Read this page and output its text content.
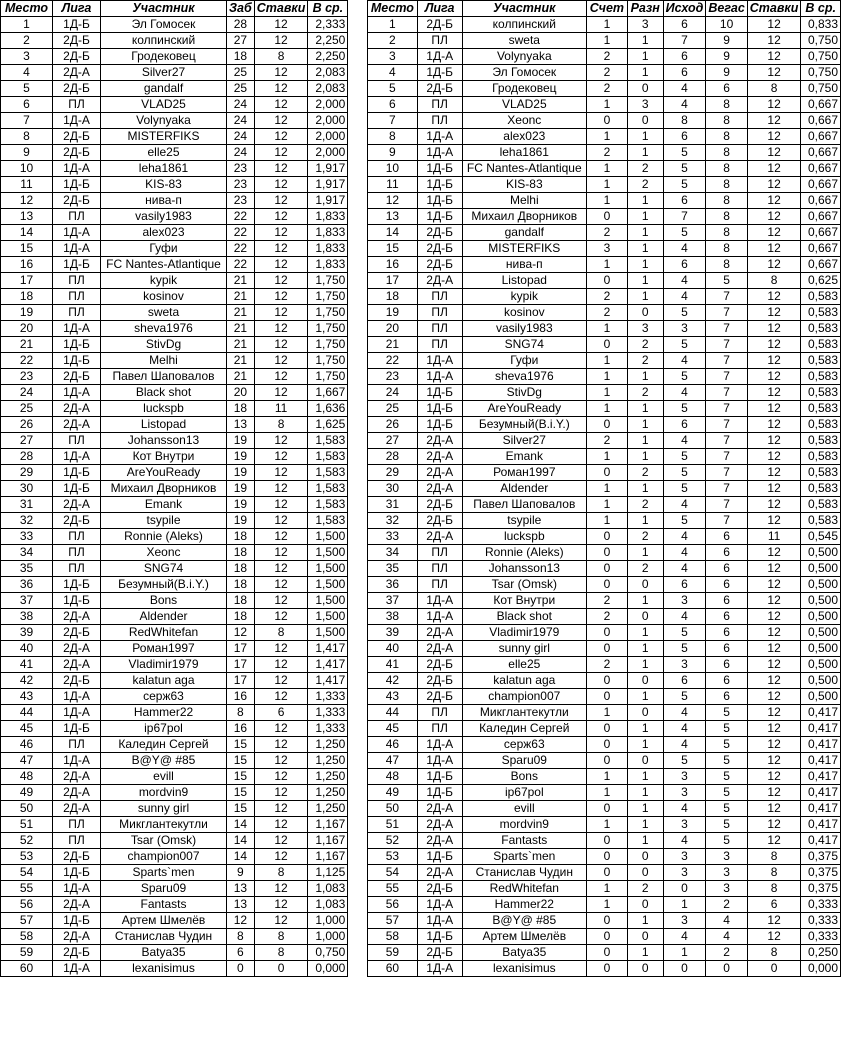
Место	Лига	Участник	Заб	Ставки	В ср.
1	1Д-Б	Эл Гомосек	28	12	2,333
2	2Д-Б	колпинский	27	12	2,250
3	2Д-Б	Гродековец	18	8	2,250
4	2Д-А	Silver27	25	12	2,083
5	2Д-Б	gandalf	25	12	2,083
6	ПЛ	VLAD25	24	12	2,000
7	1Д-А	Volynyaka	24	12	2,000
8	2Д-Б	MISTERFIKS	24	12	2,000
9	2Д-Б	elle25	24	12	2,000
10	1Д-А	leha1861	23	12	1,917
11	1Д-Б	KIS-83	23	12	1,917
12	2Д-Б	нива-п	23	12	1,917
13	ПЛ	vasily1983	22	12	1,833
14	1Д-А	alex023	22	12	1,833
15	1Д-А	Гуфи	22	12	1,833
16	1Д-Б	FC Nantes-Atlantique	22	12	1,833
17	ПЛ	kypik	21	12	1,750
18	ПЛ	kosinov	21	12	1,750
19	ПЛ	sweta	21	12	1,750
20	1Д-А	sheva1976	21	12	1,750
21	1Д-Б	StivDg	21	12	1,750
22	1Д-Б	Melhi	21	12	1,750
23	2Д-Б	Павел Шаповалов	21	12	1,750
24	1Д-А	Black shot	20	12	1,667
25	2Д-А	luckspb	18	11	1,636
26	2Д-А	Listopad	13	8	1,625
27	ПЛ	Johansson13	19	12	1,583
28	1Д-А	Кот Внутри	19	12	1,583
29	1Д-Б	AreYouReady	19	12	1,583
30	1Д-Б	Михаил Дворников	19	12	1,583
31	2Д-А	Emank	19	12	1,583
32	2Д-Б	tsypile	19	12	1,583
33	ПЛ	Ronnie (Aleks)	18	12	1,500
34	ПЛ	Xeonc	18	12	1,500
35	ПЛ	SNG74	18	12	1,500
36	1Д-Б	Безумный(B.i.Y.)	18	12	1,500
37	1Д-Б	Bons	18	12	1,500
38	2Д-А	Aldender	18	12	1,500
39	2Д-Б	RedWhitefan	12	8	1,500
40	2Д-А	Роман1997	17	12	1,417
41	2Д-А	Vladimir1979	17	12	1,417
42	2Д-Б	kalatun aga	17	12	1,417
43	1Д-А	серж63	16	12	1,333
44	1Д-А	Hammer22	8	6	1,333
45	1Д-Б	ip67pol	16	12	1,333
46	ПЛ	Каледин Сергей	15	12	1,250
47	1Д-А	B@Y@ #85	15	12	1,250
48	2Д-А	evill	15	12	1,250
49	2Д-А	mordvin9	15	12	1,250
50	2Д-А	sunny girl	15	12	1,250
51	ПЛ	Микглантекутли	14	12	1,167
52	ПЛ	Tsar (Omsk)	14	12	1,167
53	2Д-Б	champion007	14	12	1,167
54	1Д-Б	Sparts`men	9	8	1,125
55	1Д-А	Sparu09	13	12	1,083
56	2Д-А	Fantasts	13	12	1,083
57	1Д-Б	Артем Шмелёв	12	12	1,000
58	2Д-А	Станислав Чудин	8	8	1,000
59	2Д-Б	Batya35	6	8	0,750
60	1Д-А	lexanisimus	0	0	0,000
Место	Лига	Участник	Счет	Разн	Исход	Вегас	Ставки	В ср.
1	2Д-Б	колпинский	1	3	6	10	12	0,833
2	ПЛ	sweta	1	1	7	9	12	0,750
3	1Д-А	Volynyaka	2	1	6	9	12	0,750
4	1Д-Б	Эл Гомосек	2	1	6	9	12	0,750
5	2Д-Б	Гродековец	2	0	4	6	8	0,750
6	ПЛ	VLAD25	1	3	4	8	12	0,667
7	ПЛ	Xeonc	0	0	8	8	12	0,667
8	1Д-А	alex023	1	1	6	8	12	0,667
9	1Д-А	leha1861	2	1	5	8	12	0,667
10	1Д-Б	FC Nantes-Atlantique	1	2	5	8	12	0,667
11	1Д-Б	KIS-83	1	2	5	8	12	0,667
12	1Д-Б	Melhi	1	1	6	8	12	0,667
13	1Д-Б	Михаил Дворников	0	1	7	8	12	0,667
14	2Д-Б	gandalf	2	1	5	8	12	0,667
15	2Д-Б	MISTERFIKS	3	1	4	8	12	0,667
16	2Д-Б	нива-п	1	1	6	8	12	0,667
17	2Д-А	Listopad	0	1	4	5	8	0,625
18	ПЛ	kypik	2	1	4	7	12	0,583
19	ПЛ	kosinov	2	0	5	7	12	0,583
20	ПЛ	vasily1983	1	3	3	7	12	0,583
21	ПЛ	SNG74	0	2	5	7	12	0,583
22	1Д-А	Гуфи	1	2	4	7	12	0,583
23	1Д-А	sheva1976	1	1	5	7	12	0,583
24	1Д-Б	StivDg	1	2	4	7	12	0,583
25	1Д-Б	AreYouReady	1	1	5	7	12	0,583
26	1Д-Б	Безумный(B.i.Y.)	0	1	6	7	12	0,583
27	2Д-А	Silver27	2	1	4	7	12	0,583
28	2Д-А	Emank	1	1	5	7	12	0,583
29	2Д-А	Роман1997	0	2	5	7	12	0,583
30	2Д-А	Aldender	1	1	5	7	12	0,583
31	2Д-Б	Павел Шаповалов	1	2	4	7	12	0,583
32	2Д-Б	tsypile	1	1	5	7	12	0,583
33	2Д-А	luckspb	0	2	4	6	11	0,545
34	ПЛ	Ronnie (Aleks)	0	1	4	6	12	0,500
35	ПЛ	Johansson13	0	2	4	6	12	0,500
36	ПЛ	Tsar (Omsk)	0	0	6	6	12	0,500
37	1Д-А	Кот Внутри	2	1	3	6	12	0,500
38	1Д-А	Black shot	2	0	4	6	12	0,500
39	2Д-А	Vladimir1979	0	1	5	6	12	0,500
40	2Д-А	sunny girl	0	1	5	6	12	0,500
41	2Д-Б	elle25	2	1	3	6	12	0,500
42	2Д-Б	kalatun aga	0	0	6	6	12	0,500
43	2Д-Б	champion007	0	1	5	6	12	0,500
44	ПЛ	Микглантекутли	1	0	4	5	12	0,417
45	ПЛ	Каледин Сергей	0	1	4	5	12	0,417
46	1Д-А	серж63	0	1	4	5	12	0,417
47	1Д-А	Sparu09	0	0	5	5	12	0,417
48	1Д-Б	Bons	1	1	3	5	12	0,417
49	1Д-Б	ip67pol	1	1	3	5	12	0,417
50	2Д-А	evill	0	1	4	5	12	0,417
51	2Д-А	mordvin9	1	1	3	5	12	0,417
52	2Д-А	Fantasts	0	1	4	5	12	0,417
53	1Д-Б	Sparts`men	0	0	3	3	8	0,375
54	2Д-А	Станислав Чудин	0	0	3	3	8	0,375
55	2Д-Б	RedWhitefan	1	2	0	3	8	0,375
56	1Д-А	Hammer22	1	0	1	2	6	0,333
57	1Д-А	B@Y@ #85	0	1	3	4	12	0,333
58	1Д-Б	Артем Шмелёв	0	0	4	4	12	0,333
59	2Д-Б	Batya35	0	1	1	2	8	0,250
60	1Д-А	lexanisimus	0	0	0	0	0	0,000
